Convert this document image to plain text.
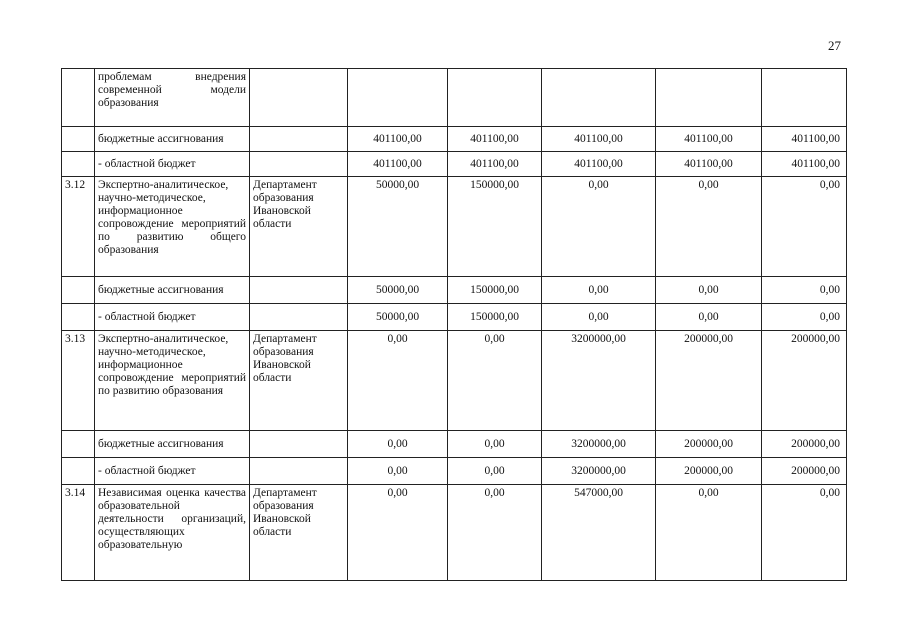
27
	проблемам внедрения современной модели образования						
	бюджетные ассигнования		401100,00	401100,00	401100,00	401100,00	401100,00
	- областной бюджет		401100,00	401100,00	401100,00	401100,00	401100,00
3.12	Экспертно-аналитическое, научно-методическое, информационное сопровождение мероприятий по развитию общего образования	Департамент образования Ивановской области	50000,00	150000,00	0,00	0,00	0,00
	бюджетные ассигнования		50000,00	150000,00	0,00	0,00	0,00
	- областной бюджет		50000,00	150000,00	0,00	0,00	0,00
3.13	Экспертно-аналитическое, научно-методическое, информационное сопровождение мероприятий по развитию образования	Департамент образования Ивановской области	0,00	0,00	3200000,00	200000,00	200000,00
	бюджетные ассигнования		0,00	0,00	3200000,00	200000,00	200000,00
	- областной бюджет		0,00	0,00	3200000,00	200000,00	200000,00
3.14	Независимая оценка качества образовательной деятельности организаций, осуществляющих образовательную	Департамент образования Ивановской области	0,00	0,00	547000,00	0,00	0,00
